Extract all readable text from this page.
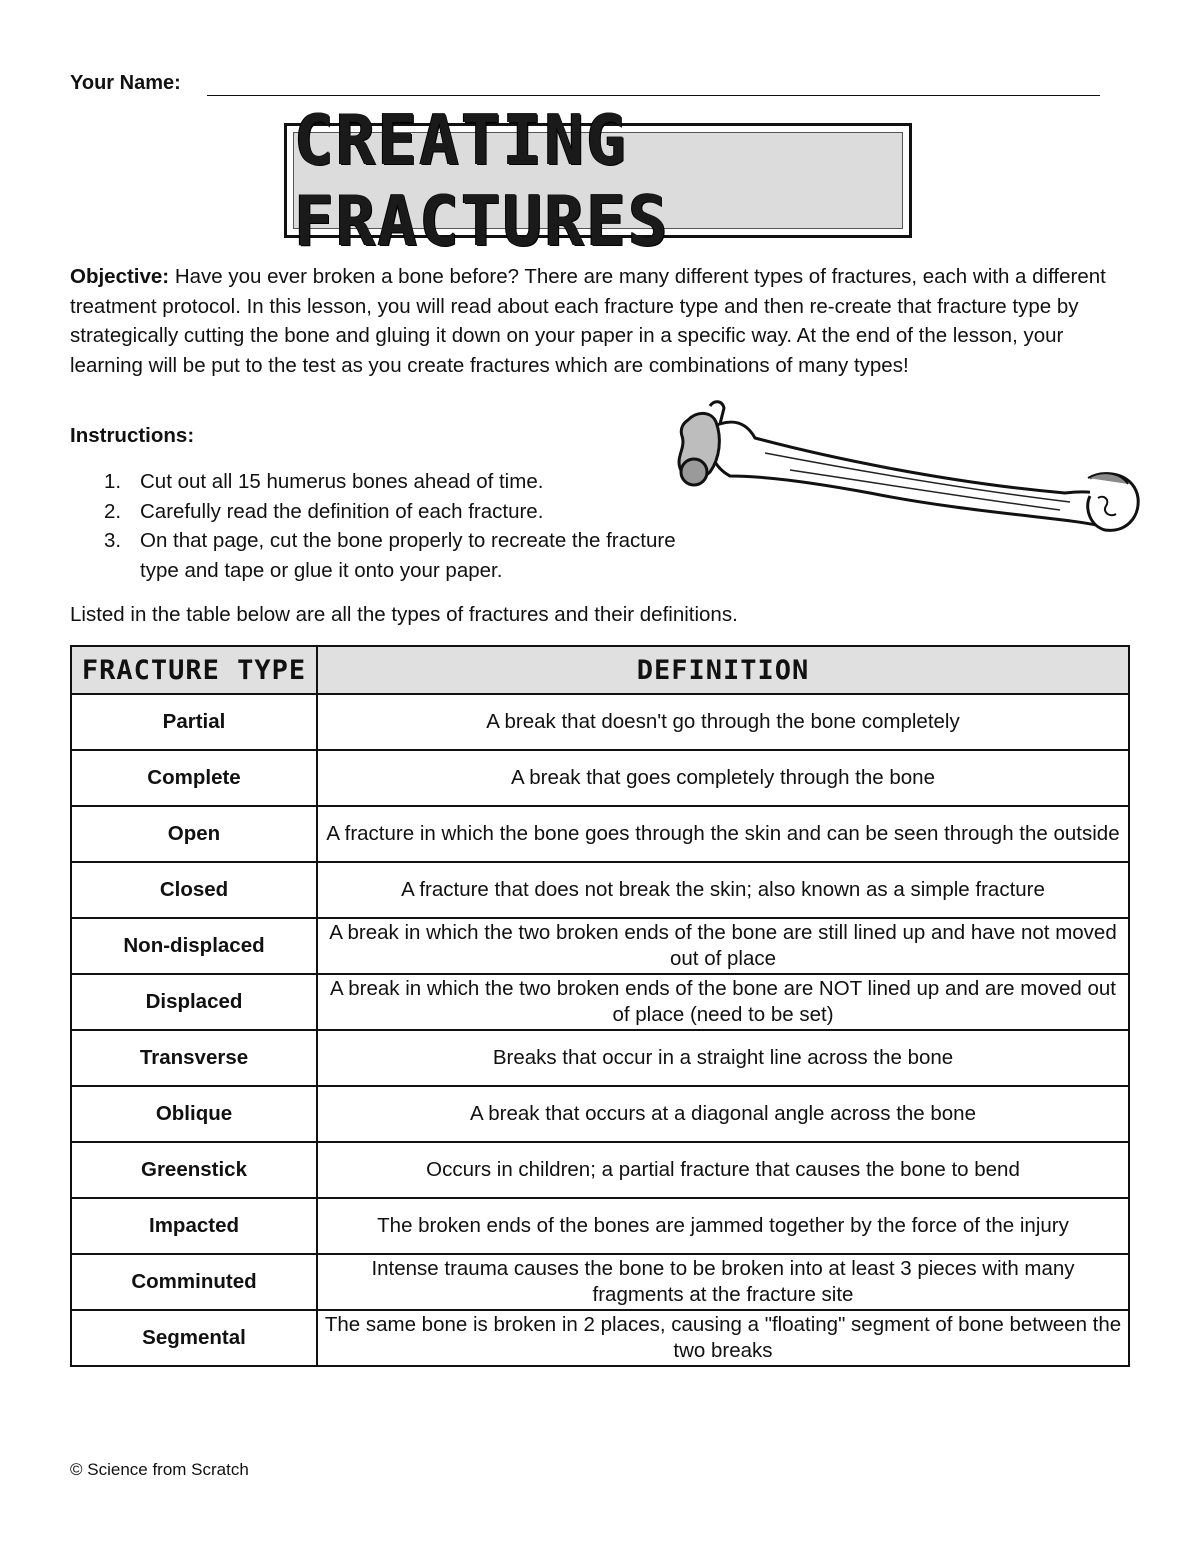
Your Name:
CREATING FRACTURES
Objective: Have you ever broken a bone before? There are many different types of fractures, each with a different treatment protocol. In this lesson, you will read about each fracture type and then re-create that fracture type by strategically cutting the bone and gluing it down on your paper in a specific way. At the end of the lesson, your learning will be put to the test as you create fractures which are combinations of many types!
Instructions:
1. Cut out all 15 humerus bones ahead of time.
2. Carefully read the definition of each fracture.
3. On that page, cut the bone properly to recreate the fracture type and tape or glue it onto your paper.
Listed in the table below are all the types of fractures and their definitions.
FRACTURE TYPE	DEFINITION
Partial	A break that doesn't go through the bone completely
Complete	A break that goes completely through the bone
Open	A fracture in which the bone goes through the skin and can be seen through the outside
Closed	A fracture that does not break the skin; also known as a simple fracture
Non-displaced	A break in which the two broken ends of the bone are still lined up and have not moved out of place
Displaced	A break in which the two broken ends of the bone are NOT lined up and are moved out of place (need to be set)
Transverse	Breaks that occur in a straight line across the bone
Oblique	A break that occurs at a diagonal angle across the bone
Greenstick	Occurs in children; a partial fracture that causes the bone to bend
Impacted	The broken ends of the bones are jammed together by the force of the injury
Comminuted	Intense trauma causes the bone to be broken into at least 3 pieces with many fragments at the fracture site
Segmental	The same bone is broken in 2 places, causing a "floating" segment of bone between the two breaks
© Science from Scratch
